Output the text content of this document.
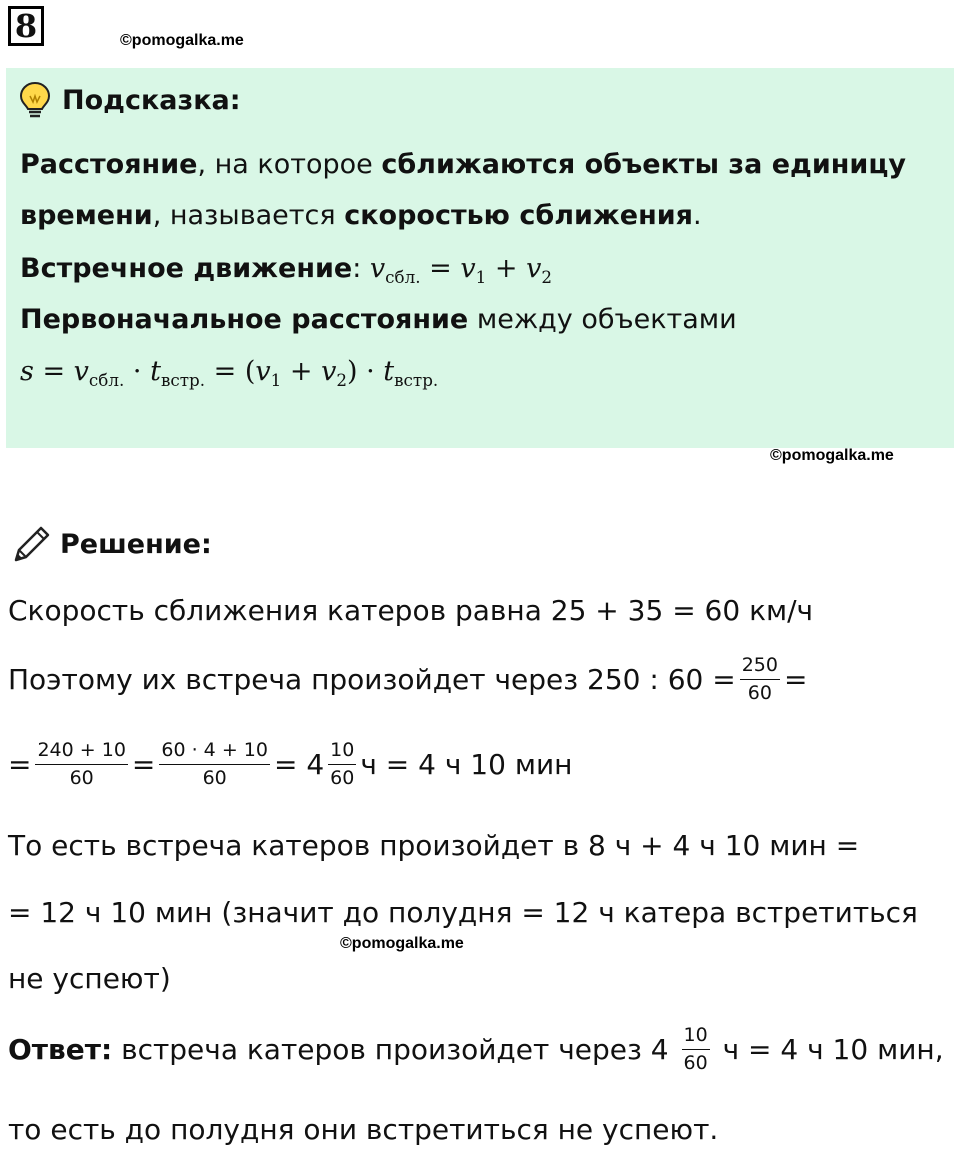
8	©pomogalka.me
Подсказка:
Расстояние, на которое сближаются объекты за единицу
времени, называется скоростью сближения.
Встречное движение: $v_{сбл.} = v_1 + v_2$
Первоначальное расстояние между объектами
$s = v_{сбл.} \cdot t_{встр.} = (v_1 + v_2) \cdot t_{встр.}$
©pomogalka.me
Решение:
Скорость сближения катеров равна 25 + 35 = 60 км/ч
Поэтому их встреча произойдет через 250 : $60 = \frac{250}{60}$ =
= $\frac{240 + 10}{60} = \frac{60 \cdot 4 + 10}{60} = 4 \frac{10}{60}$ ч = 4 ч 10 мин
То есть встреча катеров произойдет в 8 ч + 4 ч 10 мин =
= 12 ч 10 мин (значит до полудня = 12 ч катера встретиться
©pomogalka.me
не успеют)
Ответ: встреча катеров произойдет через $4 \frac{10}{60}$ ч = 4 ч 10 мин,
то есть до полудня они встретиться не успеют.
